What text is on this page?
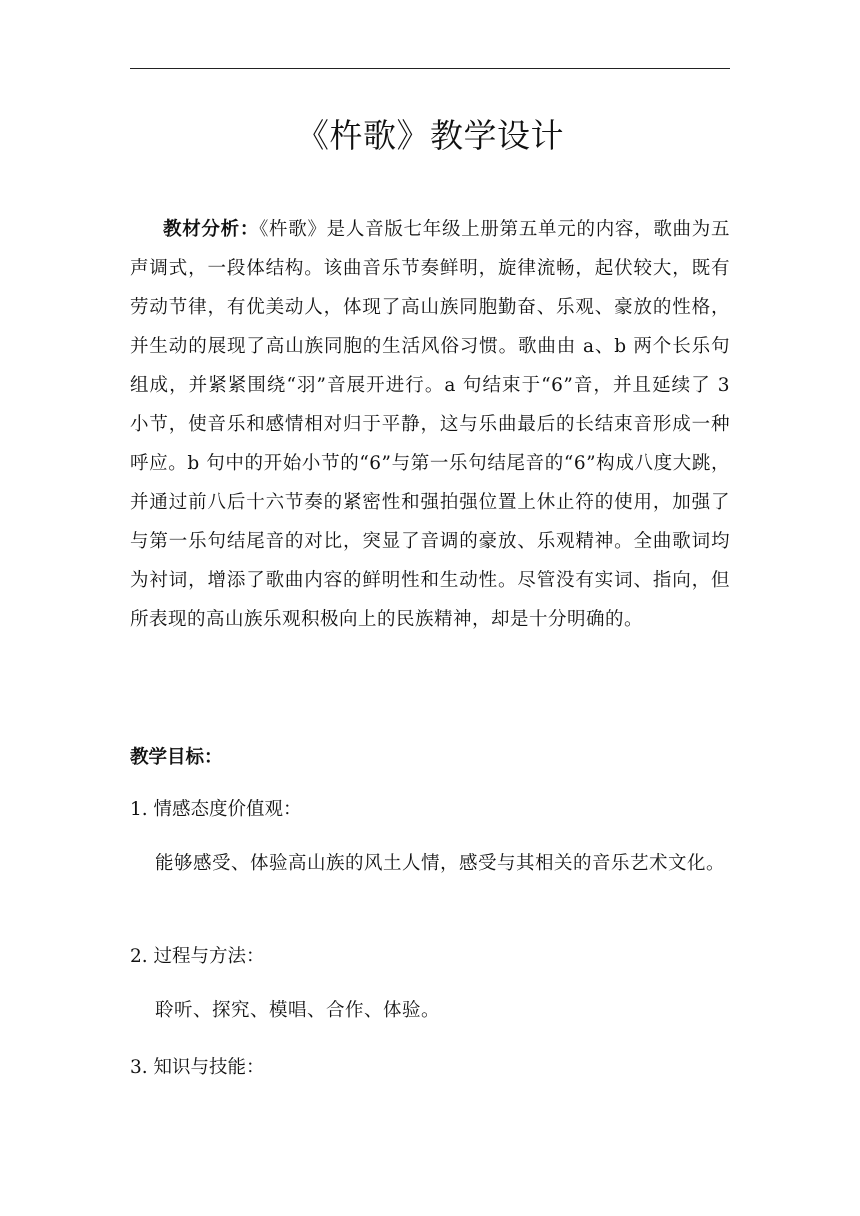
《杵歌》教学设计

教材分析：《杵歌》是人音版七年级上册第五单元的内容，歌曲为五声调式，一段体结构。该曲音乐节奏鲜明，旋律流畅，起伏较大，既有劳动节律，有优美动人，体现了高山族同胞勤奋、乐观、豪放的性格，并生动的展现了高山族同胞的生活风俗习惯。歌曲由 a、b 两个长乐句组成，并紧紧围绕“羽”音展开进行。a 句结束于“6”音，并且延续了 3 小节，使音乐和感情相对归于平静，这与乐曲最后的长结束音形成一种呼应。b 句中的开始小节的“6”与第一乐句结尾音的“6”构成八度大跳，并通过前八后十六节奏的紧密性和强拍强位置上休止符的使用，加强了与第一乐句结尾音的对比，突显了音调的豪放、乐观精神。全曲歌词均为衬词，增添了歌曲内容的鲜明性和生动性。尽管没有实词、指向，但所表现的高山族乐观积极向上的民族精神，却是十分明确的。

教学目标：

1. 情感态度价值观：

能够感受、体验高山族的风土人情，感受与其相关的音乐艺术文化。

2. 过程与方法：

聆听、探究、模唱、合作、体验。

3. 知识与技能：
